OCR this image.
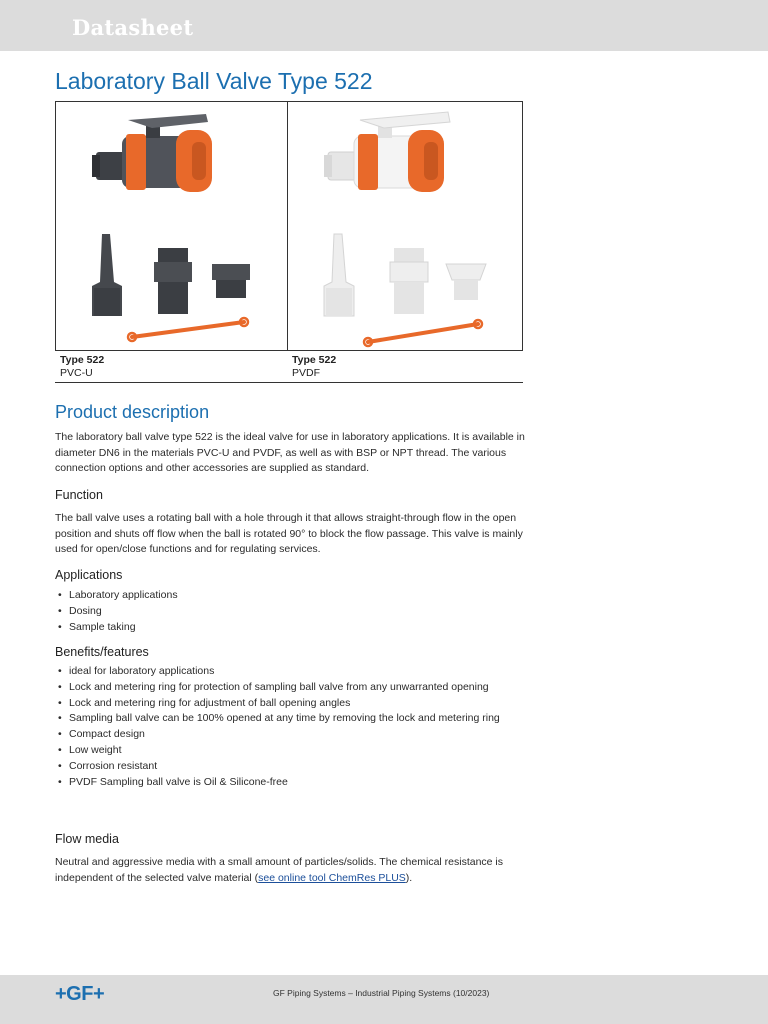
Datasheet
Laboratory Ball Valve Type 522
Type 522
PVC-U
Type 522
PVDF
Product description

The laboratory ball valve type 522 is the ideal valve for use in laboratory applications. It is available in diameter DN6 in the materials PVC-U and PVDF, as well as with BSP or NPT thread. The various connection options and other accessories are supplied as standard.

Function

The ball valve uses a rotating ball with a hole through it that allows straight-through flow in the open position and shuts off flow when the ball is rotated 90° to block the flow passage. This valve is mainly used for open/close functions and for regulating services.

Applications
• Laboratory applications
• Dosing
• Sample taking
Benefits/features
• ideal for laboratory applications
• Lock and metering ring for protection of sampling ball valve from any unwarranted opening
• Lock and metering ring for adjustment of ball opening angles
• Sampling ball valve can be 100% opened at any time by removing the lock and metering ring
• Compact design
• Low weight
• Corrosion resistant
• PVDF Sampling ball valve is Oil & Silicone-free
Flow media

Neutral and aggressive media with a small amount of particles/solids. The chemical resistance is independent of the selected valve material (see online tool ChemRes PLUS).

+GF+	GF Piping Systems – Industrial Piping Systems (10/2023)
